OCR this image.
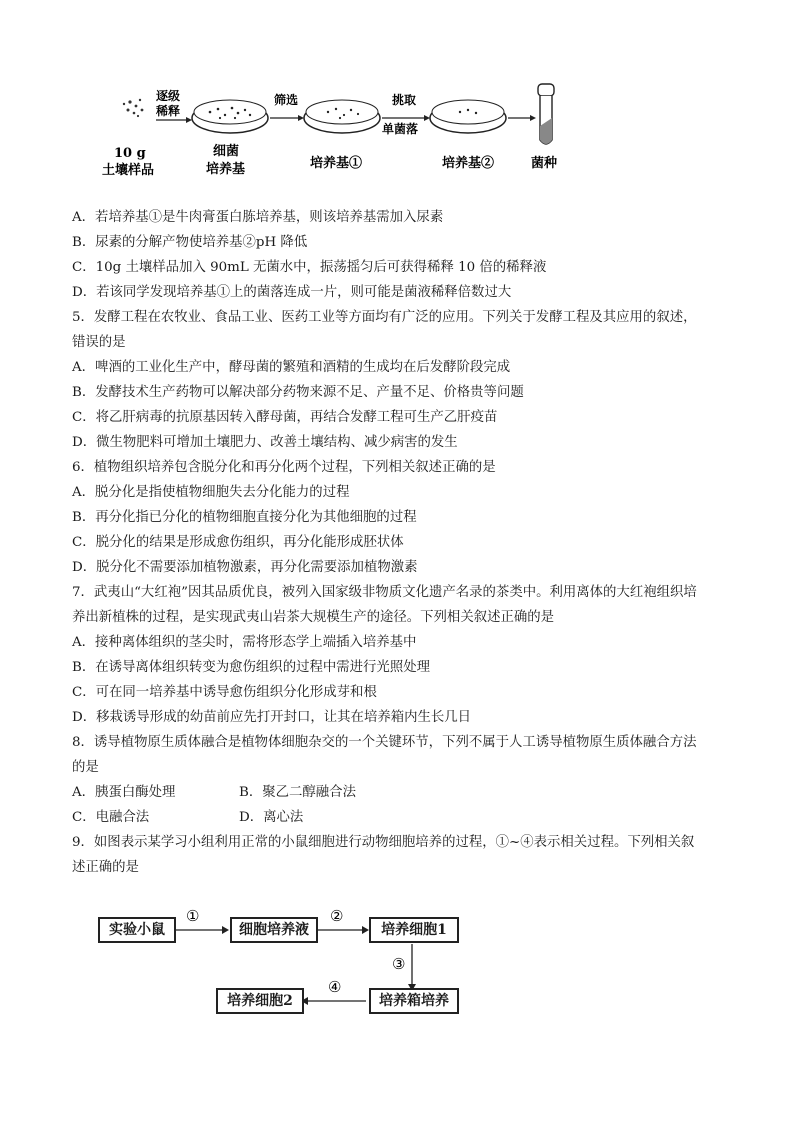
逐级
稀释
筛选	挑取
单菌落
10 g
土壤样品
细菌
培养基	培养基①	培养基②	菌种
A．若培养基①是牛肉膏蛋白胨培养基，则该培养基需加入尿素
B．尿素的分解产物使培养基②pH 降低
C．10g 土壤样品加入 90mL 无菌水中，振荡摇匀后可获得稀释 10 倍的稀释液
D．若该同学发现培养基①上的菌落连成一片，则可能是菌液稀释倍数过大
5．发酵工程在农牧业、食品工业、医药工业等方面均有广泛的应用。下列关于发酵工程及其应用的叙述，
错误的是
A．啤酒的工业化生产中，酵母菌的繁殖和酒精的生成均在后发酵阶段完成
B．发酵技术生产药物可以解决部分药物来源不足、产量不足、价格贵等问题
C．将乙肝病毒的抗原基因转入酵母菌，再结合发酵工程可生产乙肝疫苗
D．微生物肥料可增加土壤肥力、改善土壤结构、减少病害的发生
6．植物组织培养包含脱分化和再分化两个过程，下列相关叙述正确的是
A．脱分化是指使植物细胞失去分化能力的过程
B．再分化指已分化的植物细胞直接分化为其他细胞的过程
C．脱分化的结果是形成愈伤组织，再分化能形成胚状体
D．脱分化不需要添加植物激素，再分化需要添加植物激素
7．武夷山“大红袍”因其品质优良，被列入国家级非物质文化遗产名录的茶类中。利用离体的大红袍组织培
养出新植株的过程，是实现武夷山岩茶大规模生产的途径。下列相关叙述正确的是
A．接种离体组织的茎尖时，需将形态学上端插入培养基中
B．在诱导离体组织转变为愈伤组织的过程中需进行光照处理
C．可在同一培养基中诱导愈伤组织分化形成芽和根
D．移栽诱导形成的幼苗前应先打开封口，让其在培养箱内生长几日
8．诱导植物原生质体融合是植物体细胞杂交的一个关键环节，下列不属于人工诱导植物原生质体融合方法
的是
A．胰蛋白酶处理	B．聚乙二醇融合法
C．电融合法	D．离心法
9．如图表示某学习小组利用正常的小鼠细胞进行动物细胞培养的过程，①~④表示相关过程。下列相关叙
述正确的是
①	②
③
④
实验小鼠	细胞培养液	培养细胞1
培养箱培养
培养细胞2
